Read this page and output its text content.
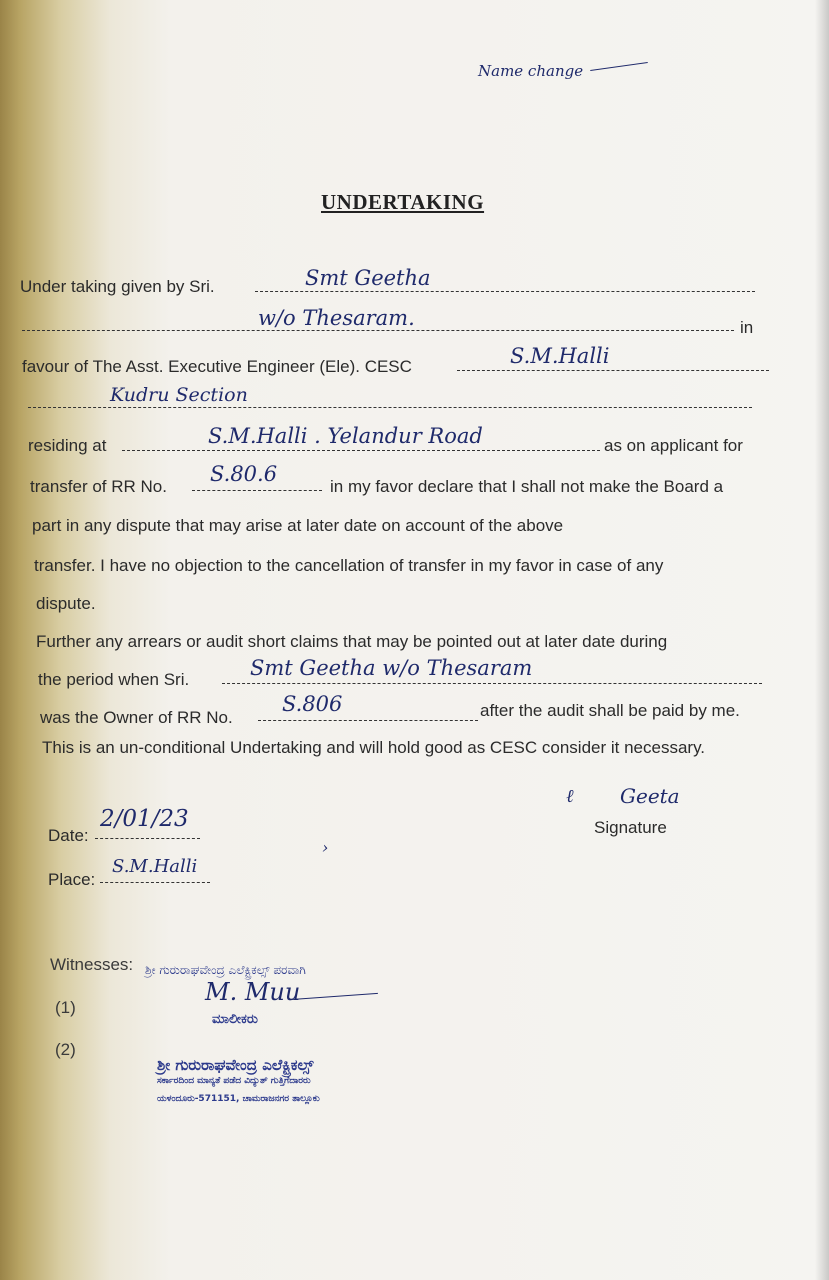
Name change
UNDERTAKING
Under taking given by Sri.	Smt Geetha
w/o Thesaram.	in
favour of The Asst. Executive Engineer (Ele). CESC	S.M.Halli
Kudru Section
residing at	S.M.Halli . Yelandur Road	as on applicant for
transfer of RR No.
S.80.6
in my favor declare that I shall not make the Board a
part in any dispute that may arise at later date on account of the above
transfer. I have no objection to the cancellation of transfer in my favor in case of any
dispute.
Further any arrears or audit short claims that may be pointed out at later date during
the period when Sri.	Smt Geetha w/o Thesaram
was the Owner of RR No.
S.806	after the audit shall be paid by me.
This is an un-conditional Undertaking and will hold good as CESC consider it necessary.
Date:
2/01/23
ℓ Geeta
Signature
›
Place:
S.M.Halli
Witnesses:
(1)
(2)
ಶ್ರೀ ಗುರುರಾಘವೇಂದ್ರ ಎಲೆಕ್ಟ್ರಿಕಲ್ಸ್ ಪರವಾಗಿ
M. Muu
ಮಾಲೀಕರು
ಶ್ರೀ ಗುರುರಾಘವೇಂದ್ರ ಎಲೆಕ್ಟ್ರಿಕಲ್ಸ್
ಸರ್ಕಾರದಿಂದ ಮಾನ್ಯತೆ ಪಡೆದ ವಿದ್ಯುತ್ ಗುತ್ತಿಗೆದಾರರು
ಯಳಂದೂರು-571151, ಚಾಮರಾಜನಗರ ತಾಲ್ಲೂಕು
